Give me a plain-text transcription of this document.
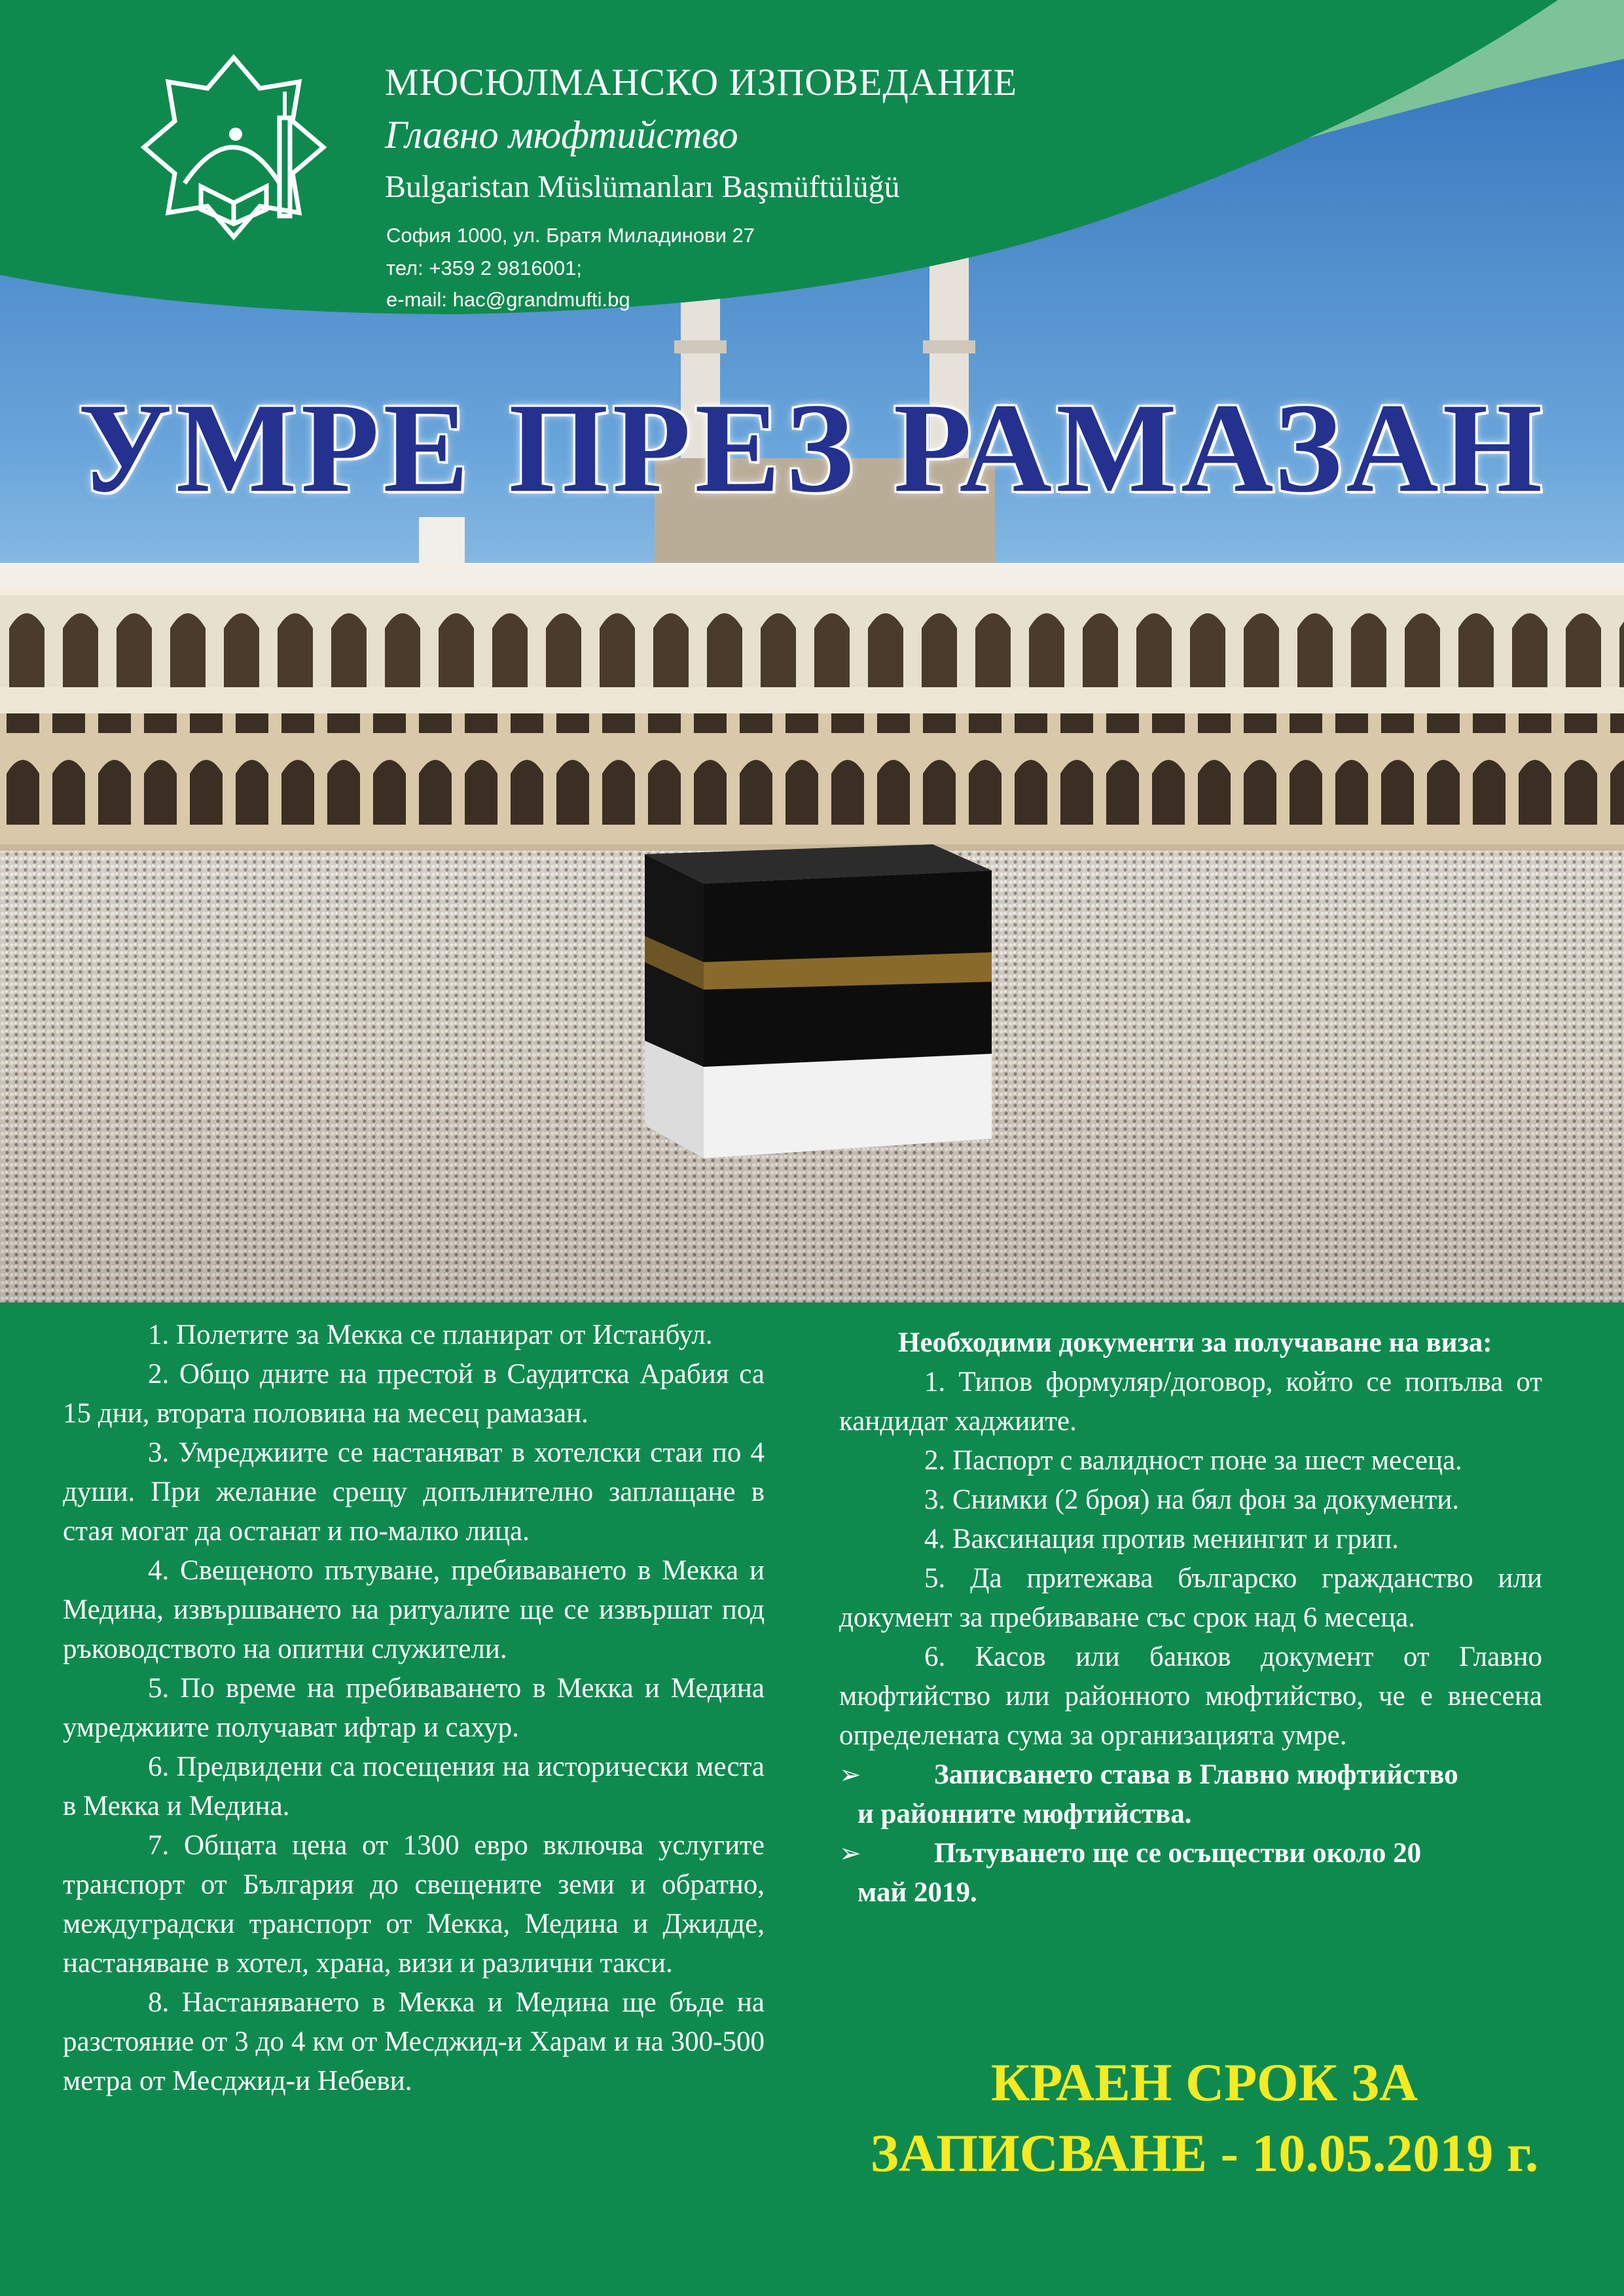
МЮСЮЛМАНСКО ИЗПОВЕДАНИЕ
Главно мюфтийство
Bulgaristan Müslümanları Başmüftülüğü
София 1000, ул. Братя Миладинови 27
тел: +359 2 9816001;
e-mail: hac@grandmufti.bg
УМРЕ ПРЕЗ РАМАЗАН

1. Полетите за Мекка се планират от Истанбул.

2. Общо дните на престой в Саудитска Арабия са 15 дни, втората половина на месец рамазан.

3. Умреджиите се настаняват в хотелски стаи по 4 души. При желание срещу допълнително заплащане в стая могат да останат и по-малко лица.

4. Свещеното пътуване, пребиваването в Мекка и Медина, извършването на ритуалите ще се извършат под ръководството на опитни служители.

5. По време на пребиваването в Мекка и Медина умреджиите получават ифтар и сахур.

6. Предвидени са посещения на исторически места в Мекка и Медина.

7. Общата цена от 1300 евро включва услугите транспорт от България до свещените земи и обратно, междуградски транспорт от Мекка, Медина и Джидде, настаняване в хотел, храна, визи и различни такси.

8. Настаняването в Мекка и Медина ще бъде на разстояние от 3 до 4 км от Месджид-и Харам и на 300-500 метра от Месджид-и Небеви.

Необходими документи за получаване на виза:

1. Типов формуляр/договор, който се попълва от кандидат хаджиите.

2. Паспорт с валидност поне за шест месеца.

3. Снимки (2 броя) на бял фон за документи.

4. Ваксинация против менингит и грип.

5. Да притежава българско гражданство или документ за пребиваване със срок над 6 месеца.

6. Касов или банков документ от Главно мюфтийство или районното мюфтийство, че е внесена определената сума за организацията умре.

➢	Записването става в Главно мюфтийство

и районните мюфтийства.

➢	Пътуването ще се осъществи около 20

май 2019.

КРАЕН СРОК ЗА
ЗАПИСВАНЕ - 10.05.2019 г.
